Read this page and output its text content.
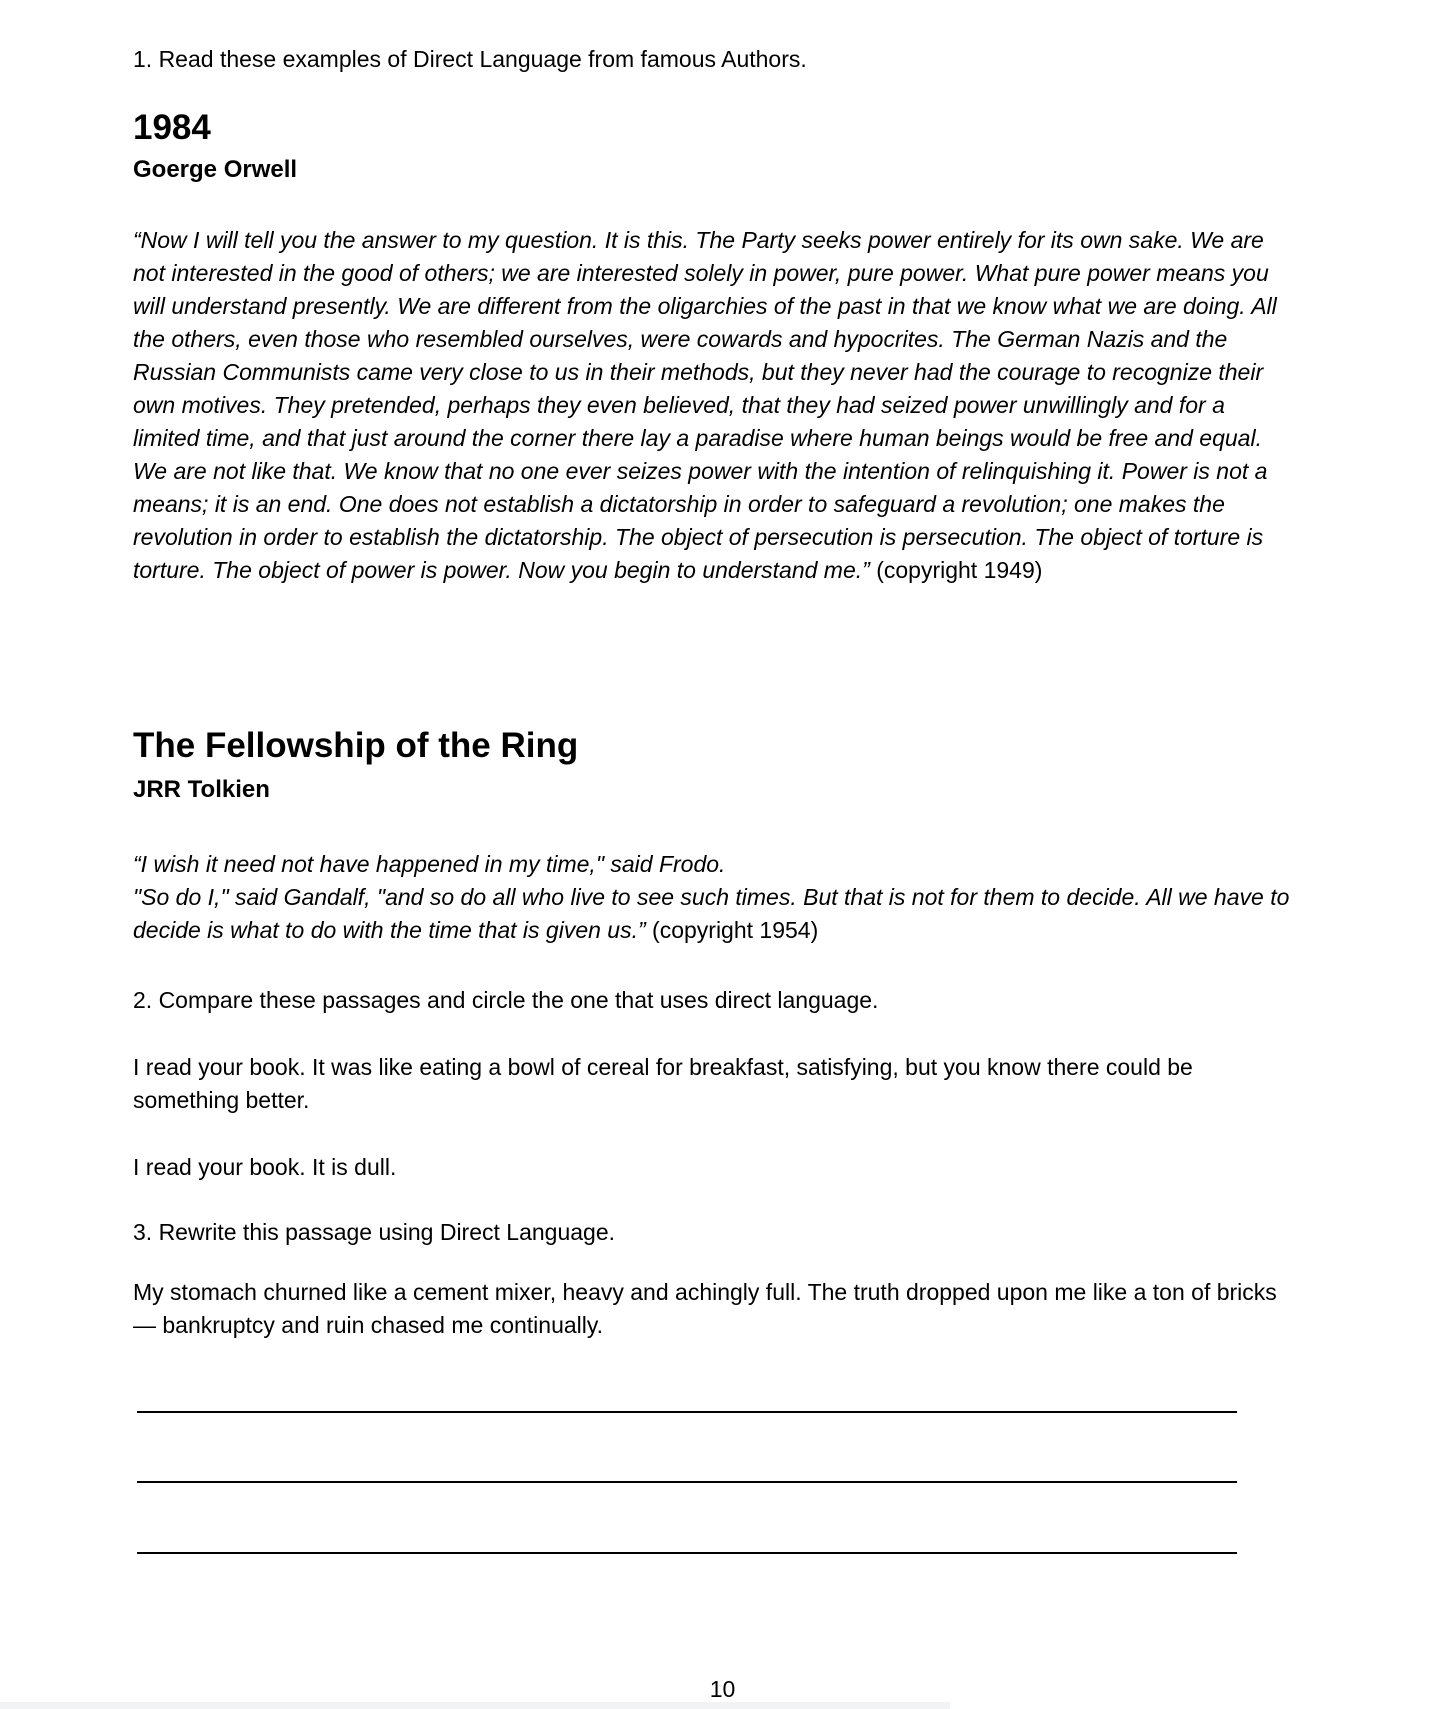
1. Read these examples of Direct Language from famous Authors.

1984

Goerge Orwell

“Now I will tell you the answer to my question. It is this. The Party seeks power entirely for its own sake. We are not interested in the good of others; we are interested solely in power, pure power. What pure power means you will understand presently. We are different from the oligarchies of the past in that we know what we are doing. All the others, even those who resembled ourselves, were cowards and hypocrites. The German Nazis and the Russian Communists came very close to us in their methods, but they never had the courage to recognize their own motives. They pretended, perhaps they even believed, that they had seized power unwillingly and for a limited time, and that just around the corner there lay a paradise where human beings would be free and equal. We are not like that. We know that no one ever seizes power with the intention of relinquishing it. Power is not a means; it is an end. One does not establish a dictatorship in order to safeguard a revolution; one makes the revolution in order to establish the dictatorship. The object of persecution is persecution. The object of torture is torture. The object of power is power. Now you begin to understand me.” (copyright 1949)

The Fellowship of the Ring

JRR Tolkien

“I wish it need not have happened in my time," said Frodo.
"So do I," said Gandalf, "and so do all who live to see such times. But that is not for them to decide. All we have to decide is what to do with the time that is given us.” (copyright 1954)

2. Compare these passages and circle the one that uses direct language.

I read your book. It was like eating a bowl of cereal for breakfast, satisfying, but you know there could be something better.

I read your book. It is dull.

3. Rewrite this passage using Direct Language.

My stomach churned like a cement mixer, heavy and achingly full. The truth dropped upon me like a ton of bricks— bankruptcy and ruin chased me continually.

10
